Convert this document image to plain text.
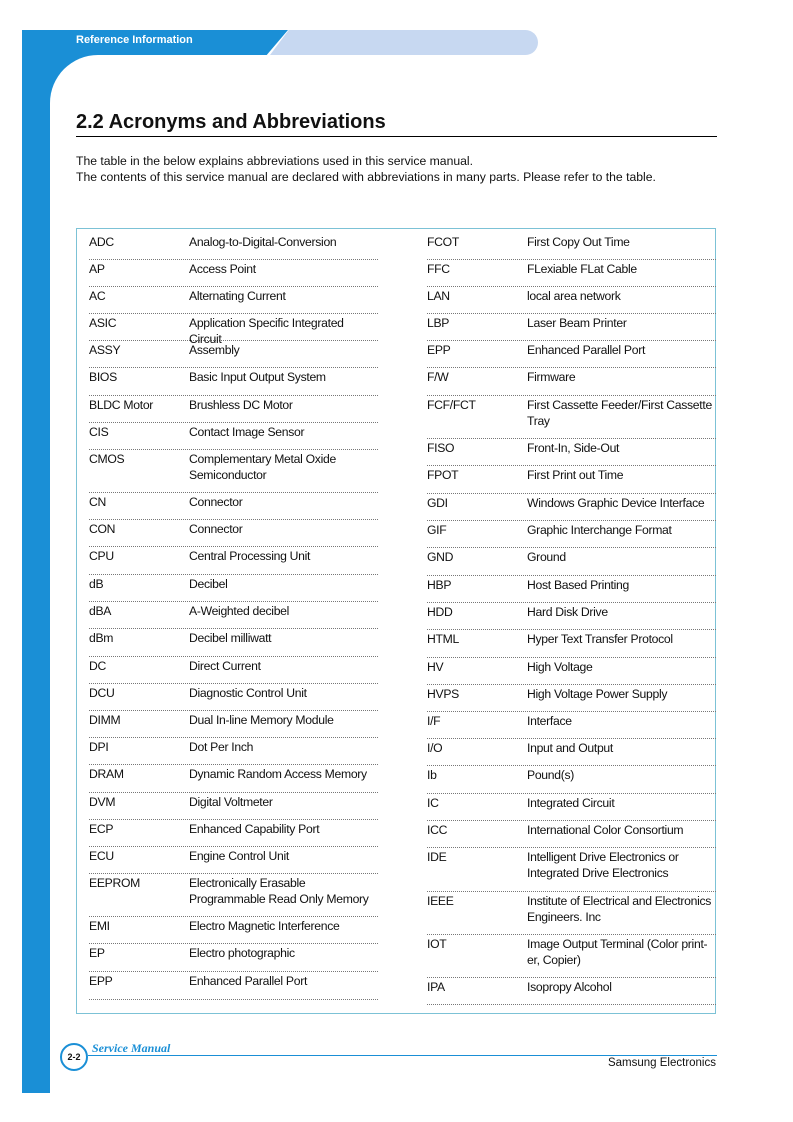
Reference Information
2.2 Acronyms and Abbreviations

The table in the below explains abbreviations used in this service manual.

The contents of this service manual are declared with abbreviations in many parts. Please refer to the table.

ADC	Analog-to-Digital-Conversion
AP	Access Point
AC	Alternating Current
ASIC	Application Specific Integrated Circuit
ASSY	Assembly
BIOS	Basic Input Output System
BLDC Motor	Brushless DC Motor
CIS	Contact Image Sensor
CMOS	Complementary Metal Oxide Semiconductor
CN	Connector
CON	Connector
CPU	Central Processing Unit
dB	Decibel
dBA	A-Weighted decibel
dBm	Decibel milliwatt
DC	Direct Current
DCU	Diagnostic Control Unit
DIMM	Dual In-line Memory Module
DPI	Dot Per Inch
DRAM	Dynamic Random Access Memory
DVM	Digital Voltmeter
ECP	Enhanced Capability Port
ECU	Engine Control Unit
EEPROM	Electronically Erasable Programmable Read Only Memory
EMI	Electro Magnetic Interference
EP	Electro photographic
EPP	Enhanced Parallel Port
FCOT	First Copy Out Time
FFC	FLexiable FLat Cable
LAN	local area network
LBP	Laser Beam Printer
EPP	Enhanced Parallel Port
F/W	Firmware
FCF/FCT	First Cassette Feeder/First Cassette Tray
FISO	Front-In, Side-Out
FPOT	First Print out Time
GDI	Windows Graphic Device Interface
GIF	Graphic Interchange Format
GND	Ground
HBP	Host Based Printing
HDD	Hard Disk Drive
HTML	Hyper Text Transfer Protocol
HV	High Voltage
HVPS	High Voltage Power Supply
I/F	Interface
I/O	Input and Output
Ib	Pound(s)
IC	Integrated Circuit
ICC	International Color Consortium
IDE	Intelligent Drive Electronics or Integrated Drive Electronics
IEEE	Institute of Electrical and Electronics Engineers. Inc
IOT	Image Output Terminal (Color print- er, Copier)
IPA	Isopropy Alcohol
2-2
Service Manual
Samsung Electronics
